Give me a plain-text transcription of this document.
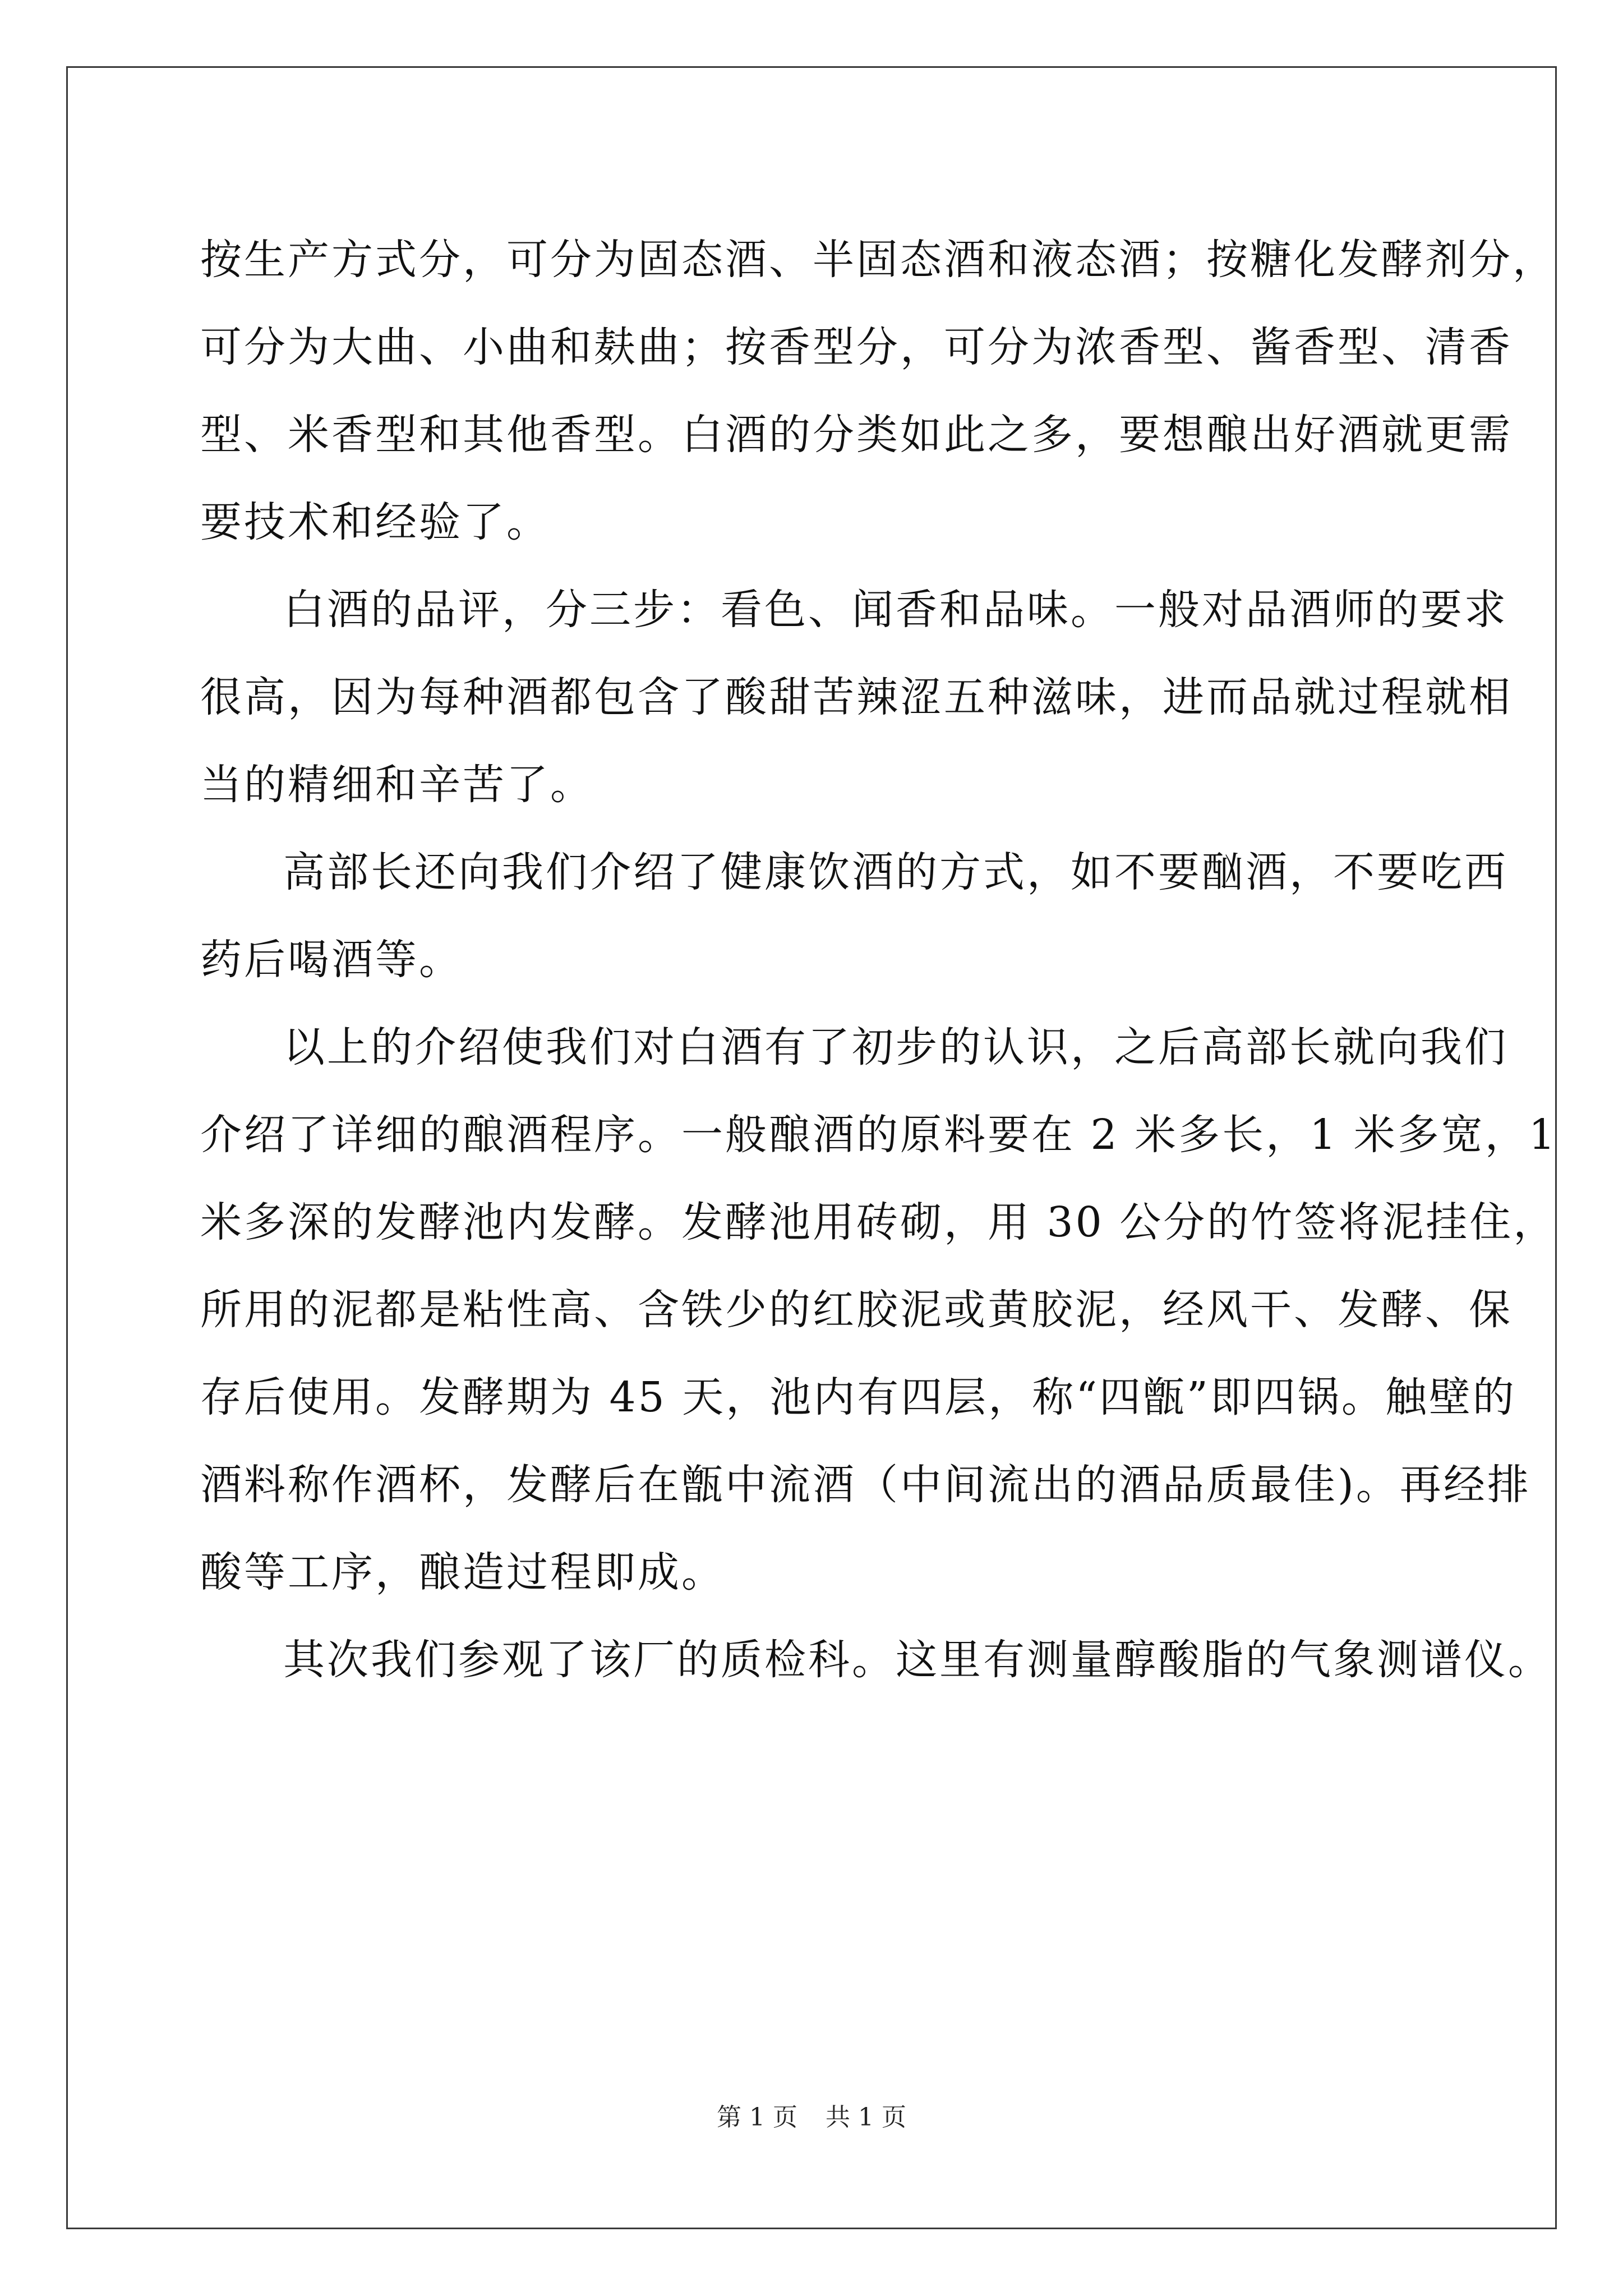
按生产方式分，可分为固态酒、半固态酒和液态酒；按糖化发酵剂分，
可分为大曲、小曲和麸曲；按香型分，可分为浓香型、酱香型、清香
型、米香型和其他香型。白酒的分类如此之多，要想酿出好酒就更需
要技术和经验了。
白酒的品评，分三步：看色、闻香和品味。一般对品酒师的要求
很高，因为每种酒都包含了酸甜苦辣涩五种滋味，进而品就过程就相
当的精细和辛苦了。
高部长还向我们介绍了健康饮酒的方式，如不要酗酒，不要吃西
药后喝酒等。
以上的介绍使我们对白酒有了初步的认识，之后高部长就向我们
介绍了详细的酿酒程序。一般酿酒的原料要在 2 米多长，1 米多宽，1
米多深的发酵池内发酵。发酵池用砖砌，用 30 公分的竹签将泥挂住，
所用的泥都是粘性高、含铁少的红胶泥或黄胶泥，经风干、发酵、保
存后使用。发酵期为 45 天，池内有四层，称“四甑”即四锅。触壁的
酒料称作酒杯，发酵后在甑中流酒（中间流出的酒品质最佳)。再经排
酸等工序，酿造过程即成。
其次我们参观了该厂的质检科。这里有测量醇酸脂的气象测谱仪。
第 1 页 共 1 页
